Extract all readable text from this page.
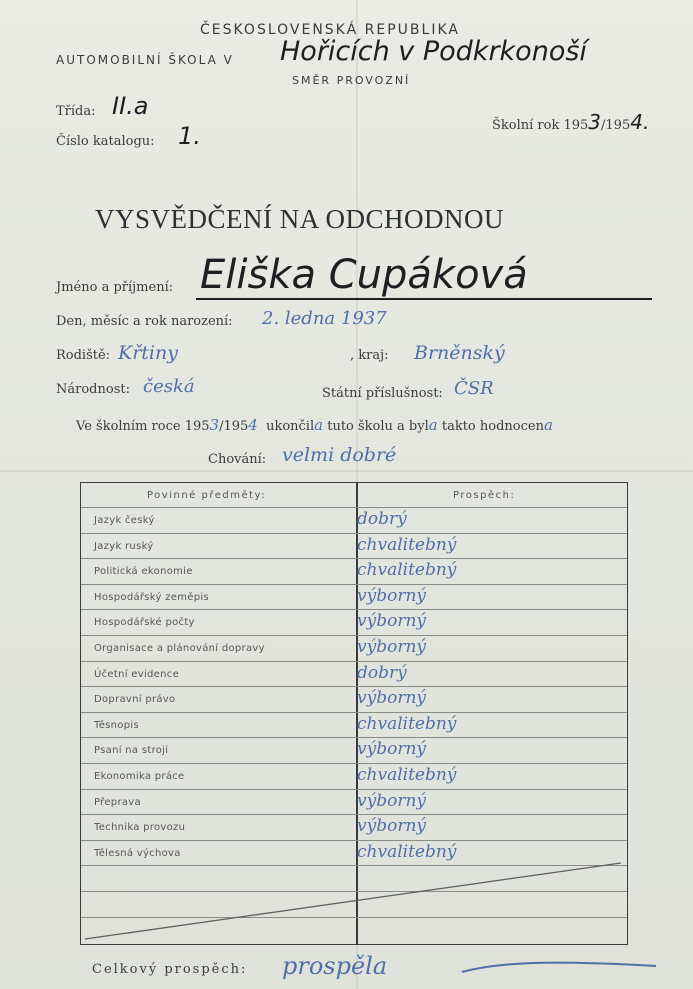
ČESKOSLOVENSKÁ REPUBLIKA
AUTOMOBILNÍ ŠKOLA V Hořicích v Podkrkonoší
SMĚR PROVOZNÍ
Třída: II.a
Číslo katalogu: 1.	Školní rok 1953/1954.
VYSVĚDČENÍ NA ODCHODNOU
Jméno a příjmení: Eliška Cupáková
Den, měsíc a rok narození: 2. ledna 1937
Rodiště: Křtiny	, kraj: Brněnský
Národnost: česká	Státní příslušnost: ČSR
Ve školním roce 1953/1954 ukončila tuto školu a byla takto hodnocena
Chování: velmi dobré
Povinné předměty:	Prospěch:
Jazyk český	dobrý
Jazyk ruský	chvalitebný
Politická ekonomie	chvalitebný
Hospodářský zeměpis	výborný
Hospodářské počty	výborný
Organisace a plánování dopravy	výborný
Účetní evidence	dobrý
Dopravní právo	výborný
Těsnopis	chvalitebný
Psaní na stroji	výborný
Ekonomika práce	chvalitebný
Přeprava	výborný
Technika provozu	výborný
Tělesná výchova	chvalitebný
Celkový prospěch: prospěla
